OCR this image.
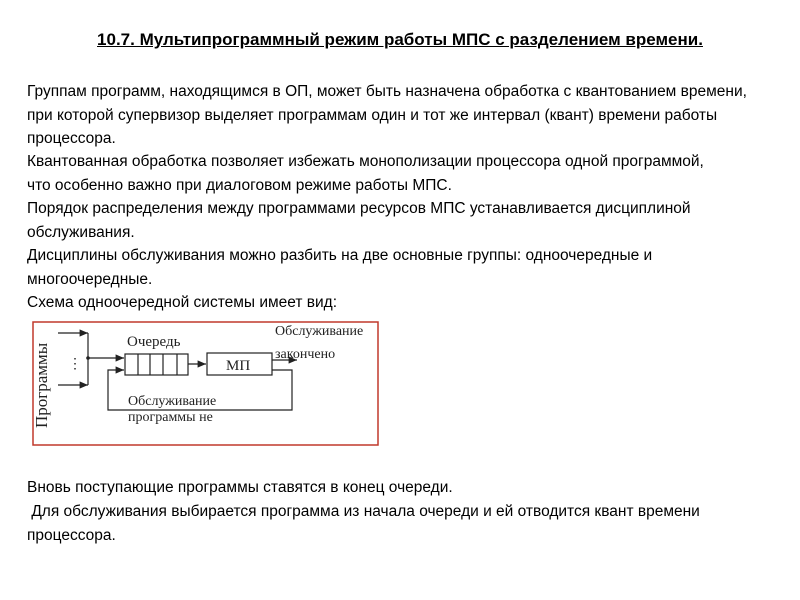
10.7. Мультипрограммный режим работы МПС с разделением времени.
Группам программ, находящимся в ОП, может быть назначена обработка с квантованием времени, при которой супервизор выделяет программам один и тот же интервал (квант) времени работы процессора.
Квантованная обработка позволяет избежать монополизации процессора одной программой, что особенно важно при диалоговом режиме работы МПС.
Порядок распределения между программами ресурсов МПС устанавливается дисциплиной обслуживания.
Дисциплины обслуживания можно разбить на две основные группы: одноочередные и многоочередные.
Схема одноочередной системы имеет вид:
Программы ⋮
Очередь
МП
Обслуживание
закончено
Обслуживание
программы не
Вновь поступающие программы ставятся в конец очереди.
Для обслуживания выбирается программа из начала очереди и ей отводится квант времени процессора.
